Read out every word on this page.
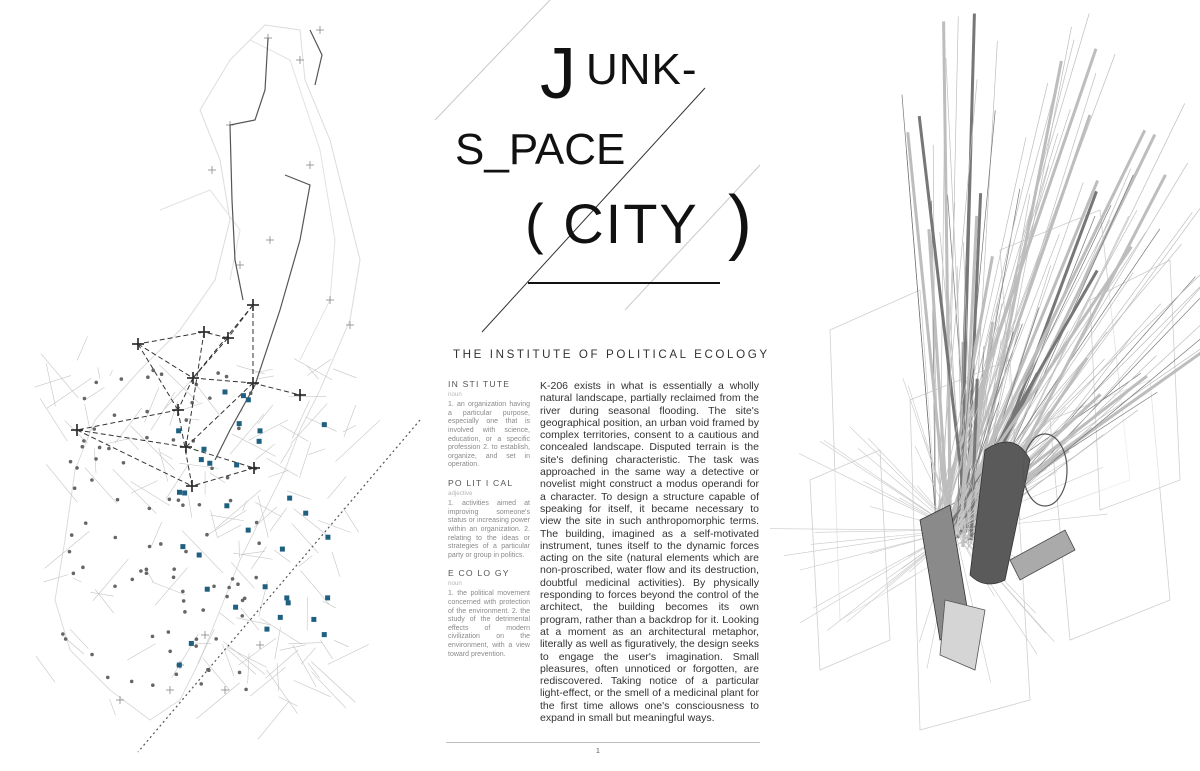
J UNK-
S_PACE
( CITY )
THE INSTITUTE OF POLITICAL ECOLOGY
IN STI TUTE
noun
1. an organization having a particular purpose, especially one that is involved with science, education, or a specific profession 2. to establish, organize, and set in operation.
PO LIT I CAL
adjective
1. activities aimed at improving someone's status or increasing power within an organization. 2. relating to the ideas or strategies of a particular party or group in politics.
E CO LO GY
noun
1. the political movement concerned with protection of the environment. 2. the study of the detrimental effects of modern civilization on the environment, with a view toward prevention.
K-206 exists in what is essentially a wholly natural landscape, partially reclaimed from the river during seasonal flooding. The site's geographical position, an urban void framed by complex territories, consent to a cautious and concealed landscape. Disputed terrain is the site's defining characteristic. The task was approached in the same way a detective or novelist might construct a modus operandi for a character. To design a structure capable of speaking for itself, it became necessary to view the site in such anthropomorphic terms. The building, imagined as a self-motivated instrument, tunes itself to the dynamic forces acting on the site (natural elements which are non-proscribed, water flow and its destruction, doubtful medicinal activities). By physically responding to forces beyond the control of the architect, the building becomes its own program, rather than a backdrop for it. Looking at a moment as an architectural metaphor, literally as well as figuratively, the design seeks to engage the user's imagination. Small pleasures, often unnoticed or forgotten, are rediscovered. Taking notice of a particular light-effect, or the smell of a medicinal plant for the first time allows one's consciousness to expand in small but meaningful ways.
1
